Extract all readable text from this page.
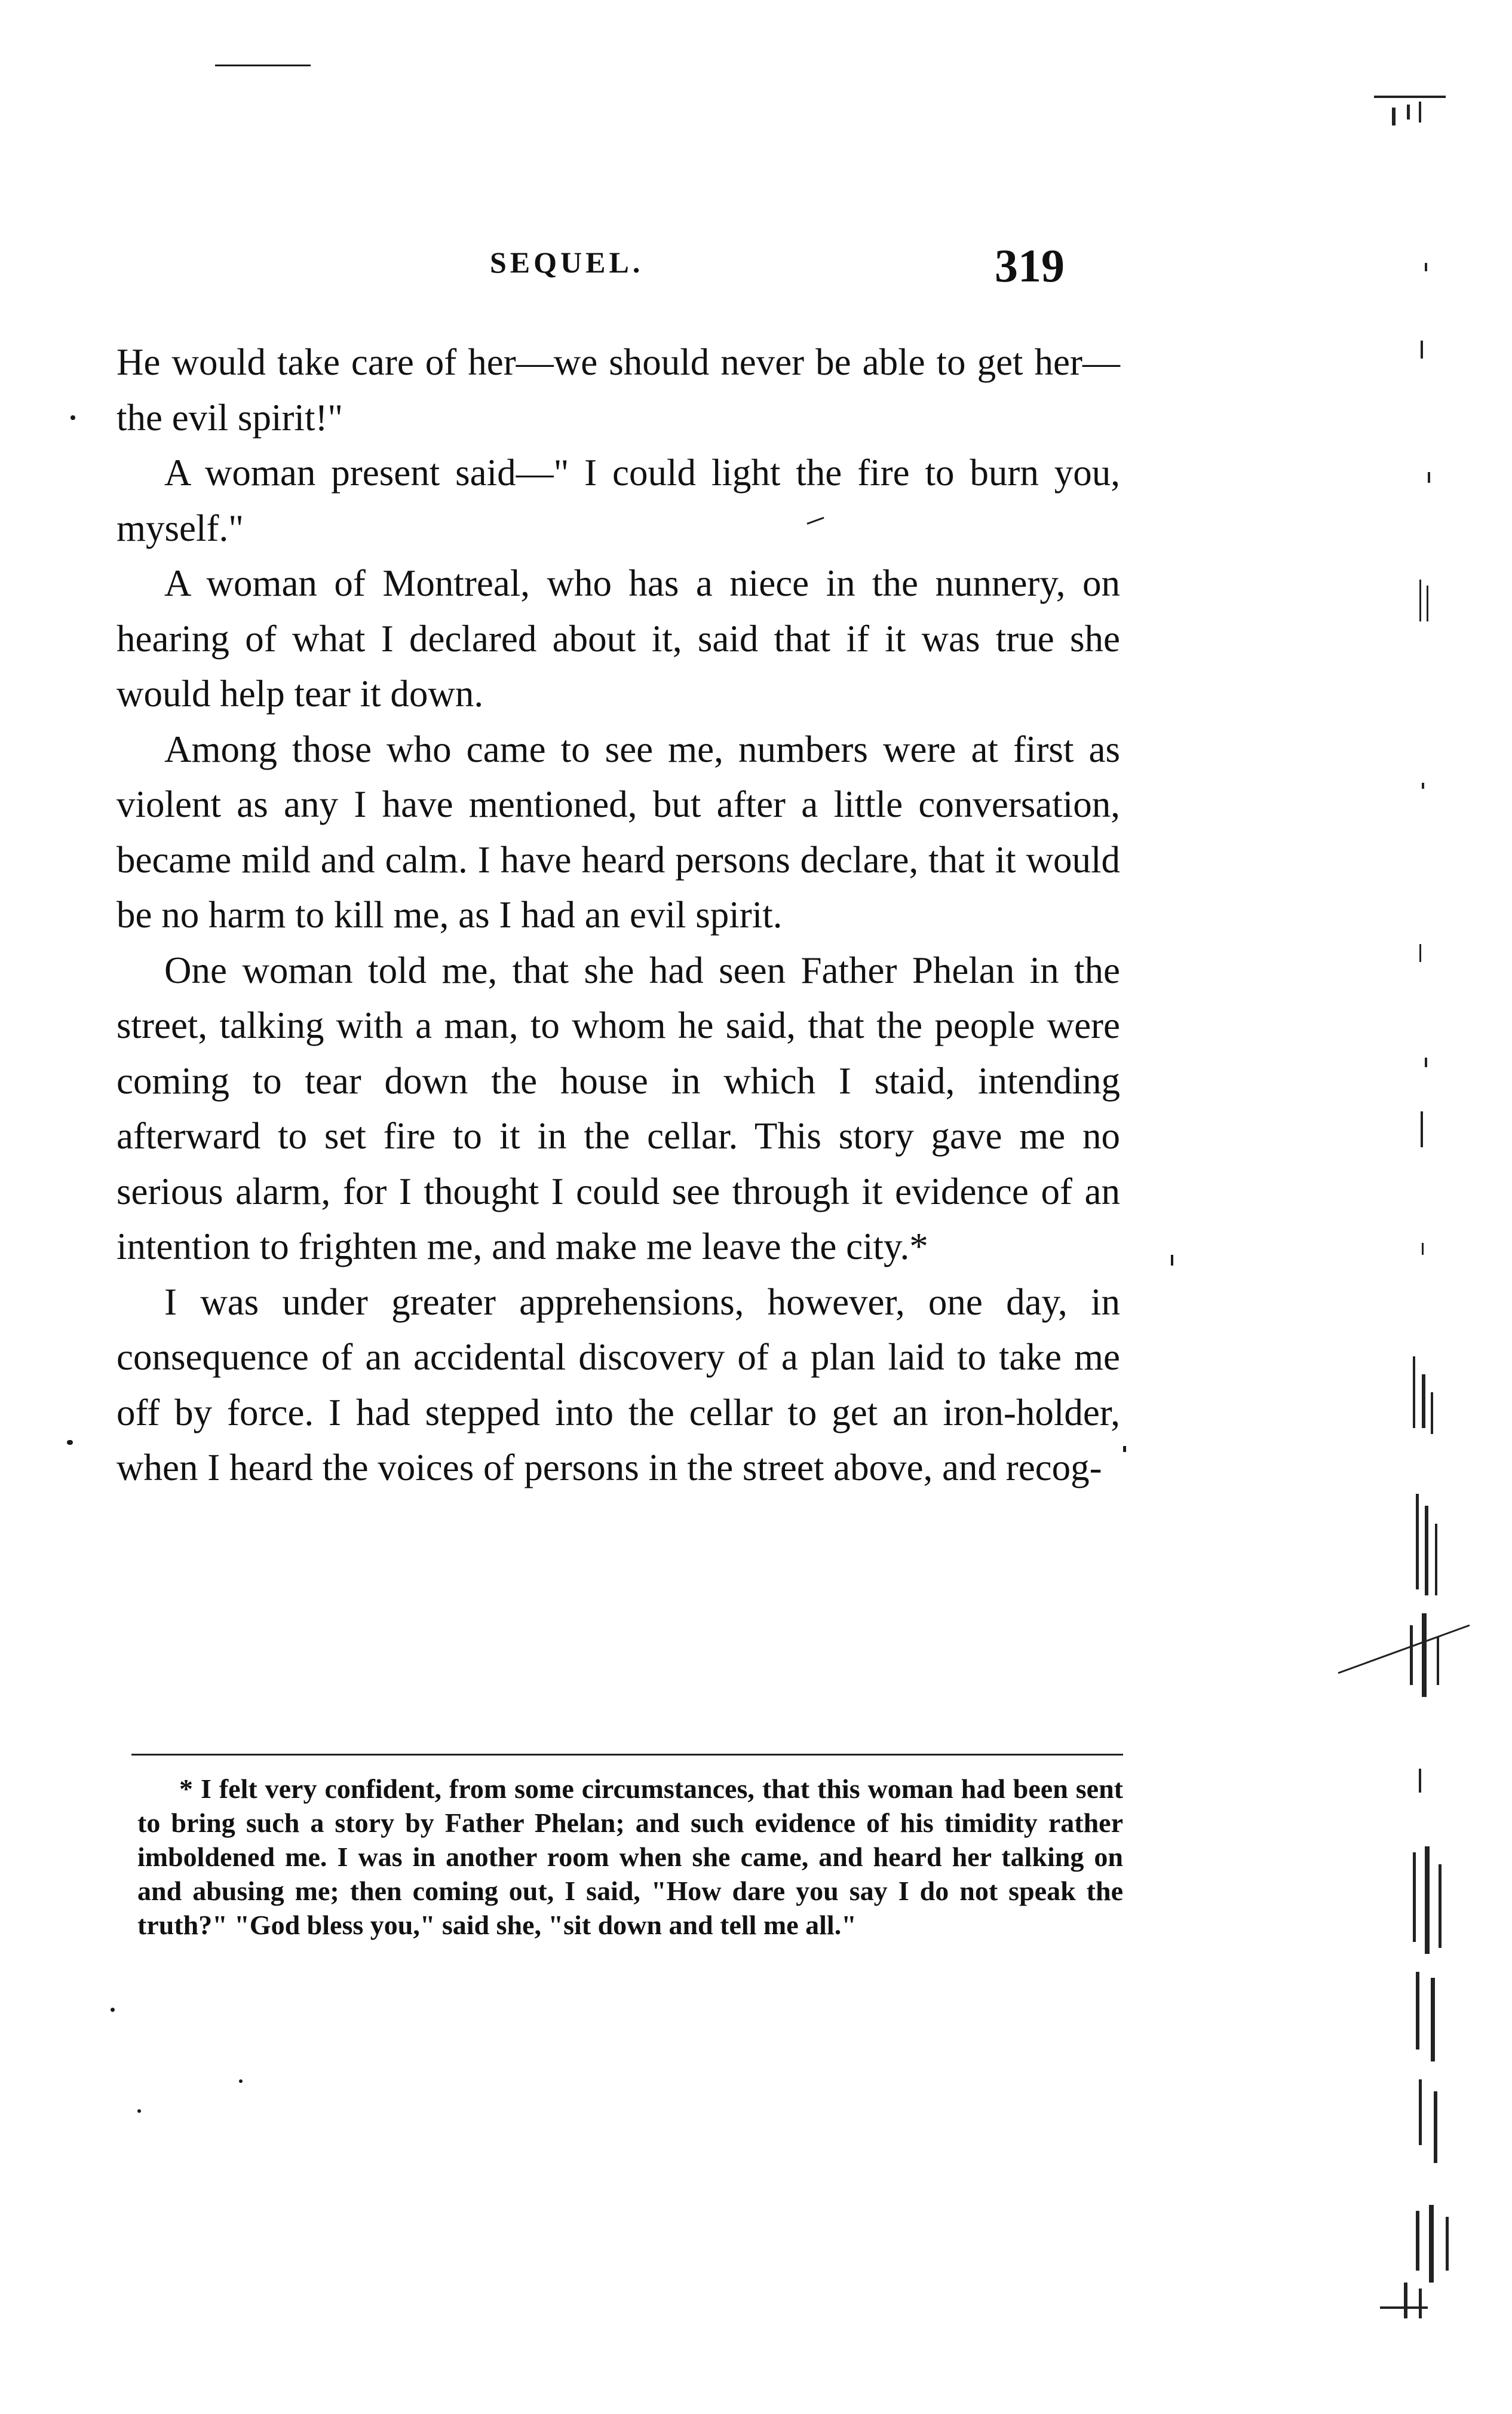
SEQUEL.	319

He would take care of her—we should never be able to get her—the evil spirit!"

A woman present said—" I could light the fire to burn you, myself."

A woman of Montreal, who has a niece in the nunnery, on hearing of what I declared about it, said that if it was true she would help tear it down.

Among those who came to see me, numbers were at first as violent as any I have mentioned, but after a little conversation, became mild and calm. I have heard persons declare, that it would be no harm to kill me, as I had an evil spirit.

One woman told me, that she had seen Father Phelan in the street, talking with a man, to whom he said, that the people were coming to tear down the house in which I staid, intending afterward to set fire to it in the cellar. This story gave me no serious alarm, for I thought I could see through it evidence of an intention to frighten me, and make me leave the city.*

I was under greater apprehensions, however, one day, in consequence of an accidental discovery of a plan laid to take me off by force. I had stepped into the cellar to get an iron-holder, when I heard the voices of persons in the street above, and recog-

* I felt very confident, from some circumstances, that this woman had been sent to bring such a story by Father Phelan; and such evidence of his timidity rather imboldened me. I was in another room when she came, and heard her talking on and abusing me; then coming out, I said, "How dare you say I do not speak the truth?" "God bless you," said she, "sit down and tell me all."
